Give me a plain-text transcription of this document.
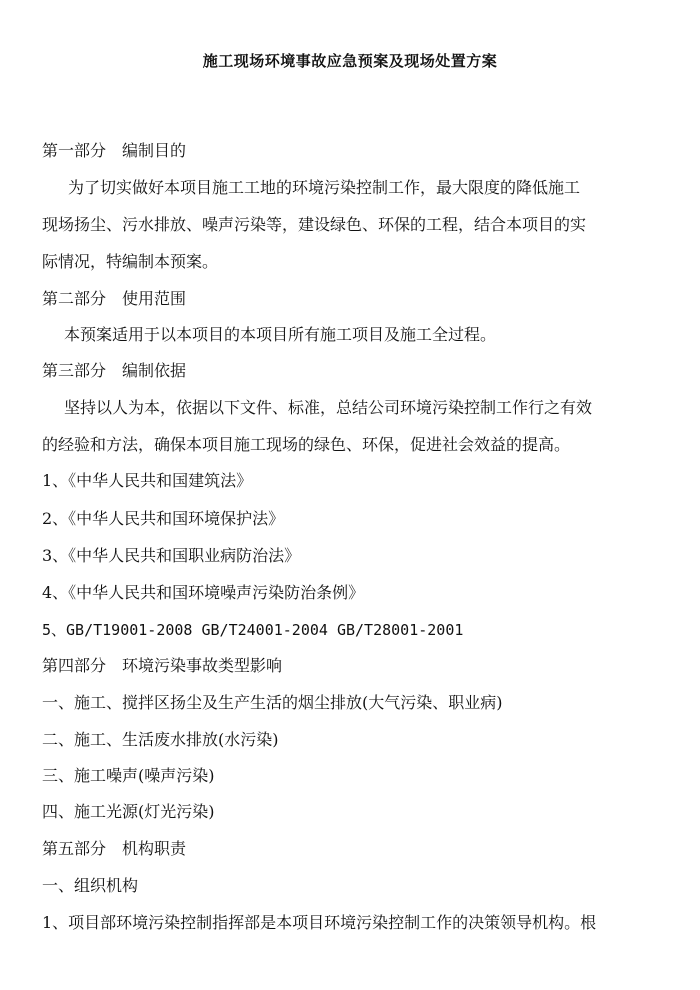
施工现场环境事故应急预案及现场处置方案
第一部分　编制目的
为了切实做好本项目施工工地的环境污染控制工作，最大限度的降低施工
现场扬尘、污水排放、噪声污染等，建设绿色、环保的工程，结合本项目的实
际情况，特编制本预案。
第二部分　使用范围
本预案适用于以本项目的本项目所有施工项目及施工全过程。
第三部分　编制依据
坚持以人为本，依据以下文件、标准，总结公司环境污染控制工作行之有效
的经验和方法，确保本项目施工现场的绿色、环保，促进社会效益的提高。
1、《中华人民共和国建筑法》
2、《中华人民共和国环境保护法》
3、《中华人民共和国职业病防治法》
4、《中华人民共和国环境噪声污染防治条例》
5、GB/T19001-2008 GB/T24001-2004 GB/T28001-2001
第四部分　环境污染事故类型影响
一、施工、搅拌区扬尘及生产生活的烟尘排放(大气污染、职业病)
二、施工、生活废水排放(水污染)
三、施工噪声(噪声污染)
四、施工光源(灯光污染)
第五部分　机构职责
一、组织机构
1、项目部环境污染控制指挥部是本项目环境污染控制工作的决策领导机构。根
